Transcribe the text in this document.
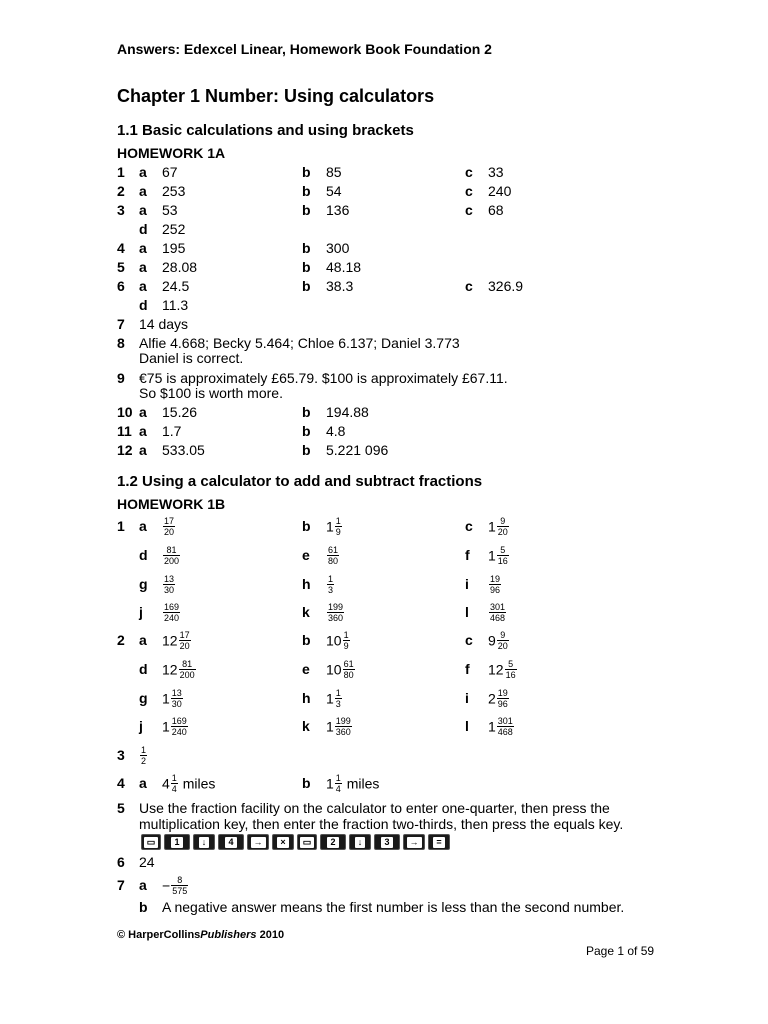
Answers: Edexcel Linear, Homework Book Foundation 2
Chapter 1 Number: Using calculators
1.1 Basic calculations and using brackets
HOMEWORK 1A
1 a 67	b 85	c 33
2 a 253	b 54	c 240
3 a 53	b 136	c 68
d 252
4 a 195	b 300
5 a 28.08	b 48.18
6 a 24.5	b 38.3	c 326.9
d 11.3
7 14 days
8 Alfie 4.668; Becky 5.464; Chloe 6.137; Daniel 3.773
Daniel is correct.
9 €75 is approximately £65.79. $100 is approximately £67.11.
So $100 is worth more.
10 a 15.26	b 194.88
11 a 1.7	b 4.8
12 a 533.05	b 5.221 096
1.2 Using a calculator to add and subtract fractions
HOMEWORK 1B
1 a $\frac{17}{20}$	b $1 \frac{1}{9}$	c $1 \frac{9}{20}$
d $\frac{81}{200}$	e $\frac{61}{80}$	f $1 \frac{5}{16}$
g $\frac{13}{30}$	h $\frac{1}{3}$	i $\frac{19}{96}$
j $\frac{169}{240}$	k $\frac{199}{360}$	l $\frac{301}{468}$
2 a $12 \frac{17}{20}$	b $10 \frac{1}{9}$	c $9 \frac{9}{20}$
d $12 \frac{81}{200}$	e $10 \frac{61}{80}$	f $12 \frac{5}{16}$
g $1 \frac{13}{30}$	h $1 \frac{1}{3}$	i $2 \frac{19}{96}$
j $1 \frac{169}{240}$	k $1 \frac{199}{360}$	l $1 \frac{301}{468}$
$3 \frac{1}{2}$
4 a $4 \frac{1}{4}$ miles	b $1 \frac{1}{4}$ miles
5 Use the fraction facility on the calculator to enter one-quarter, then press the
multiplication key, then enter the fraction two-thirds, then press the equals key.
▭	1	↓	4	→	×	▭	2	↓	3	→	=
6 24
7 $a - \frac{8}{575}$
b A negative answer means the first number is less than the second number.
© HarperCollinsPublishers 2010
Page 1 of 59
